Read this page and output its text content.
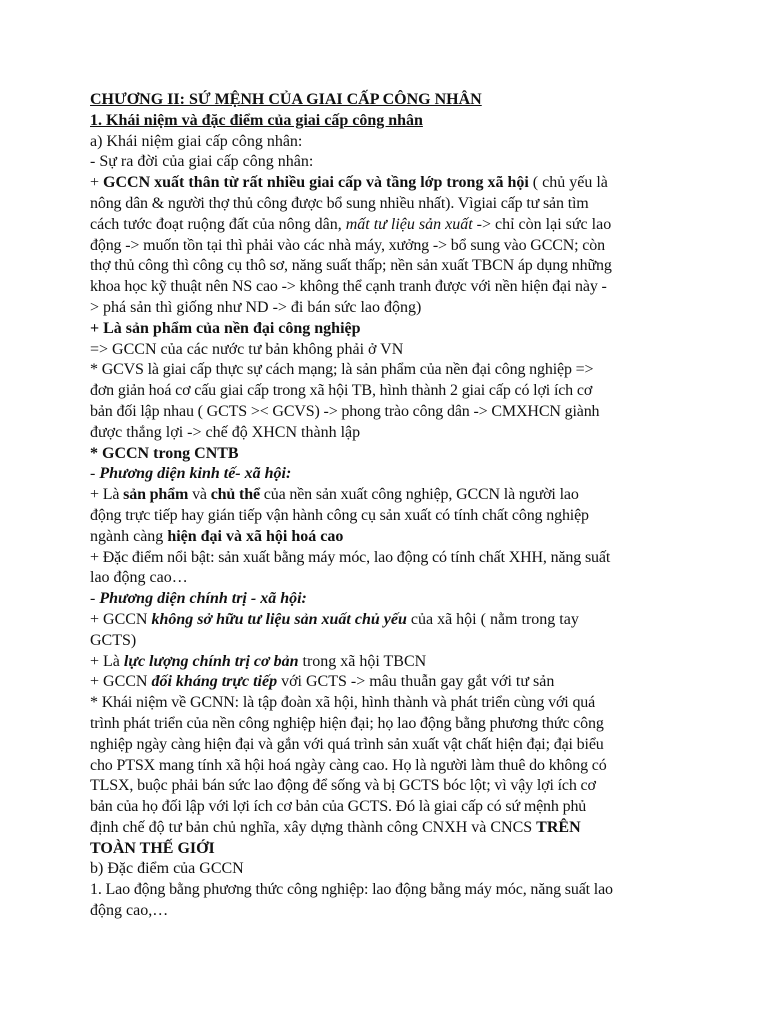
CHƯƠNG II: SỨ MỆNH CỦA GIAI CẤP CÔNG NHÂN
1. Khái niệm và đặc điểm của giai cấp công nhân
a) Khái niệm giai cấp công nhân:
- Sự ra đời của giai cấp công nhân:
+ GCCN xuất thân từ rất nhiều giai cấp và tầng lớp trong xã hội ( chủ yếu là
nông dân & người thợ thủ công được bổ sung nhiều nhất). Vìgiai cấp tư sản tìm
cách tước đoạt ruộng đất của nông dân, mất tư liệu sản xuất -> chỉ còn lại sức lao
động -> muốn tồn tại thì phải vào các nhà máy, xưởng -> bổ sung vào GCCN; còn
thợ thủ công thì công cụ thô sơ, năng suất thấp; nền sản xuất TBCN áp dụng những
khoa học kỹ thuật nên NS cao -> không thể cạnh tranh được với nền hiện đại này -
> phá sản thì giống như ND -> đi bán sức lao động)
+ Là sản phẩm của nền đại công nghiệp
=> GCCN của các nước tư bản không phải ở VN
* GCVS là giai cấp thực sự cách mạng; là sản phẩm của nền đại công nghiệp =>
đơn giản hoá cơ cấu giai cấp trong xã hội TB, hình thành 2 giai cấp có lợi ích cơ
bản đối lập nhau ( GCTS >< GCVS) -> phong trào công dân -> CMXHCN giành
được thắng lợi -> chế độ XHCN thành lập
* GCCN trong CNTB
- Phương diện kinh tế- xã hội:
+ Là sản phẩm và chủ thể của nền sản xuất công nghiệp, GCCN là người lao
động trực tiếp hay gián tiếp vận hành công cụ sản xuất có tính chất công nghiệp
ngành càng hiện đại và xã hội hoá cao
+ Đặc điểm nổi bật: sản xuất bằng máy móc, lao động có tính chất XHH, năng suất
lao động cao…
- Phương diện chính trị - xã hội:
+ GCCN không sở hữu tư liệu sản xuất chủ yếu của xã hội ( nằm trong tay
GCTS)
+ Là lực lượng chính trị cơ bản trong xã hội TBCN
+ GCCN đối kháng trực tiếp với GCTS -> mâu thuẫn gay gắt với tư sản
* Khái niệm về GCNN: là tập đoàn xã hội, hình thành và phát triển cùng với quá
trình phát triển của nền công nghiệp hiện đại; họ lao động bằng phương thức công
nghiệp ngày càng hiện đại và gắn với quá trình sản xuất vật chất hiện đại; đại biểu
cho PTSX mang tính xã hội hoá ngày càng cao. Họ là người làm thuê do không có
TLSX, buộc phải bán sức lao động để sống và bị GCTS bóc lột; vì vậy lợi ích cơ
bản của họ đối lập với lợi ích cơ bản của GCTS. Đó là giai cấp có sứ mệnh phủ
định chế độ tư bản chủ nghĩa, xây dựng thành công CNXH và CNCS TRÊN
TOÀN THẾ GIỚI
b) Đặc điểm của GCCN
1. Lao động bằng phương thức công nghiệp: lao động bằng máy móc, năng suất lao
động cao,…
